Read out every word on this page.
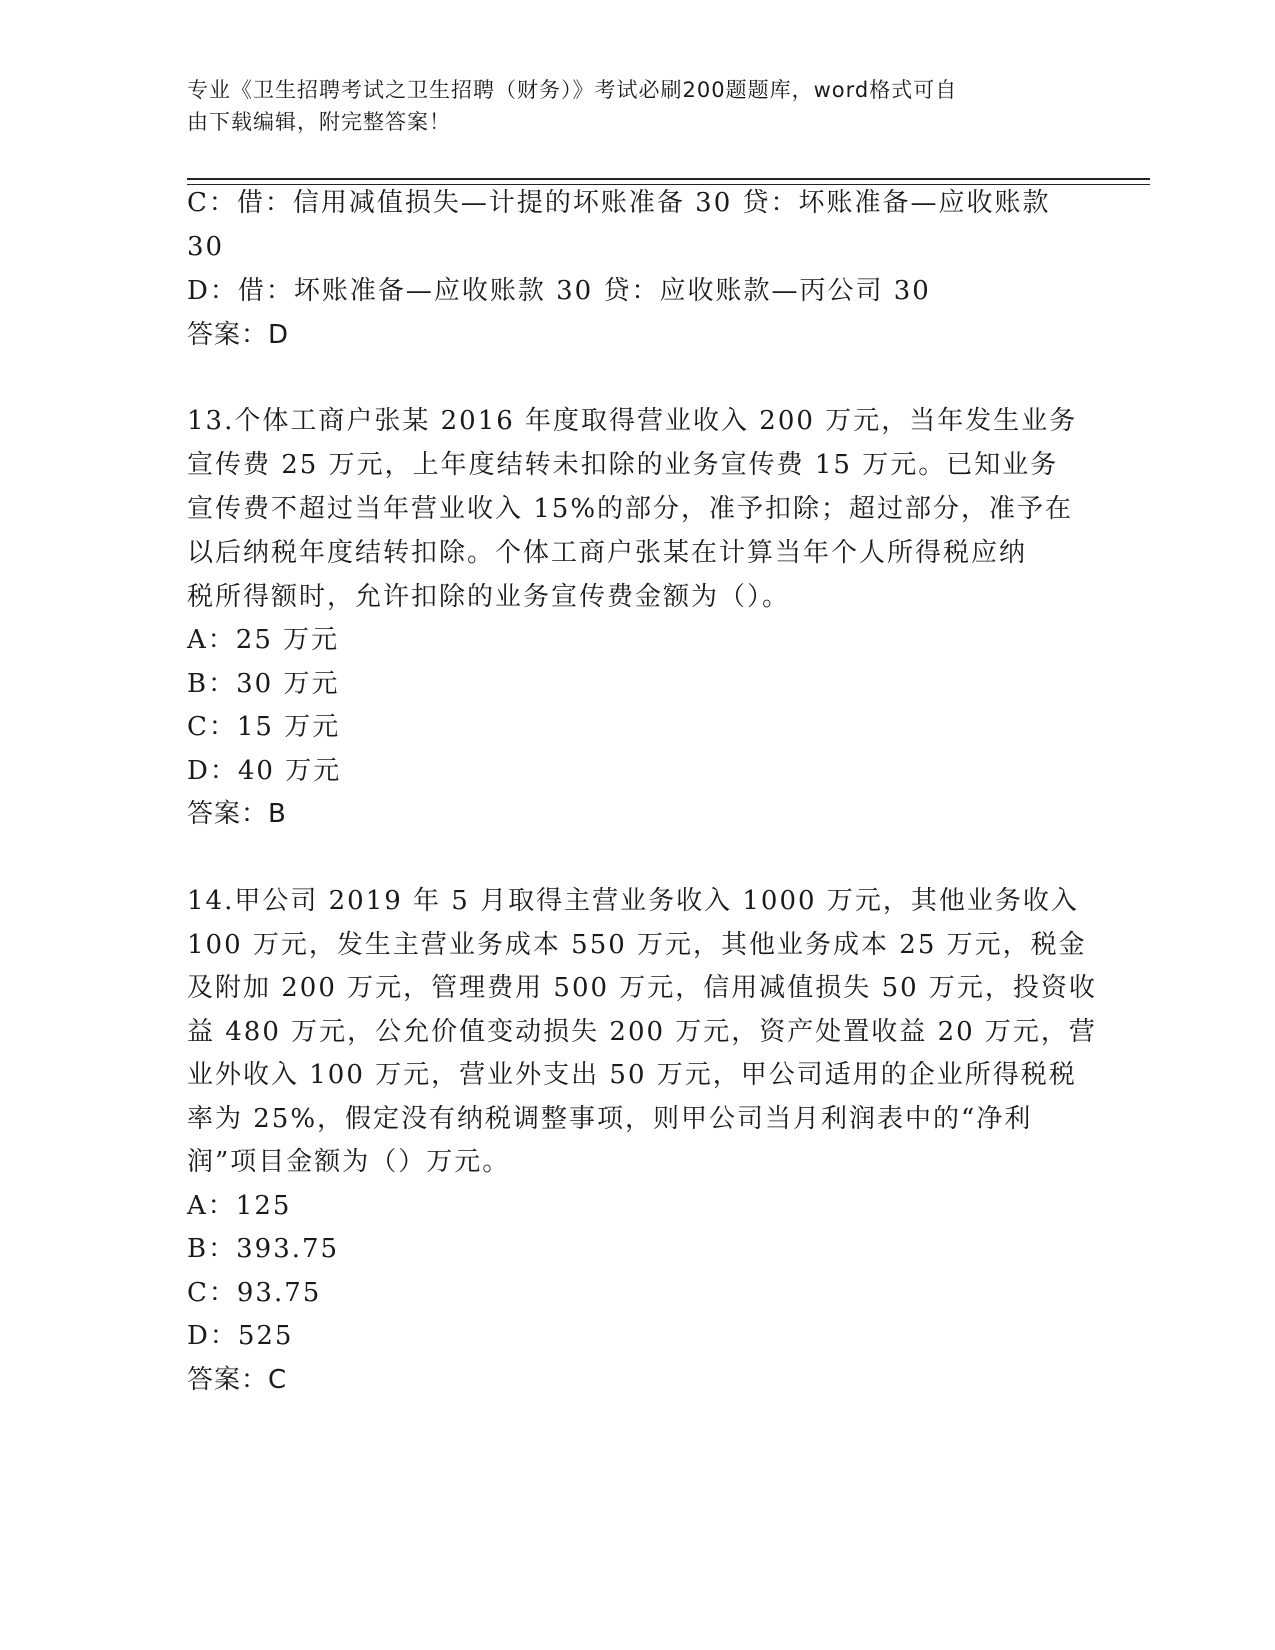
专业《卫生招聘考试之卫生招聘（财务）》考试必刷200题题库，word格式可自
由下载编辑，附完整答案！
C：借：信用减值损失—计提的坏账准备 30 贷：坏账准备—应收账款
30
D：借：坏账准备—应收账款 30 贷：应收账款—丙公司 30
答案：D
13.个体工商户张某 2016 年度取得营业收入 200 万元，当年发生业务
宣传费 25 万元，上年度结转未扣除的业务宣传费 15 万元。已知业务
宣传费不超过当年营业收入 15%的部分，准予扣除；超过部分，准予在
以后纳税年度结转扣除。个体工商户张某在计算当年个人所得税应纳
税所得额时，允许扣除的业务宣传费金额为（）。
A：25 万元
B：30 万元
C：15 万元
D：40 万元
答案：B
14.甲公司 2019 年 5 月取得主营业务收入 1000 万元，其他业务收入
100 万元，发生主营业务成本 550 万元，其他业务成本 25 万元，税金
及附加 200 万元，管理费用 500 万元，信用减值损失 50 万元，投资收
益 480 万元，公允价值变动损失 200 万元，资产处置收益 20 万元，营
业外收入 100 万元，营业外支出 50 万元，甲公司适用的企业所得税税
率为 25%，假定没有纳税调整事项，则甲公司当月利润表中的“净利
润”项目金额为（）万元。
A：125
B：393.75
C：93.75
D：525
答案：C
